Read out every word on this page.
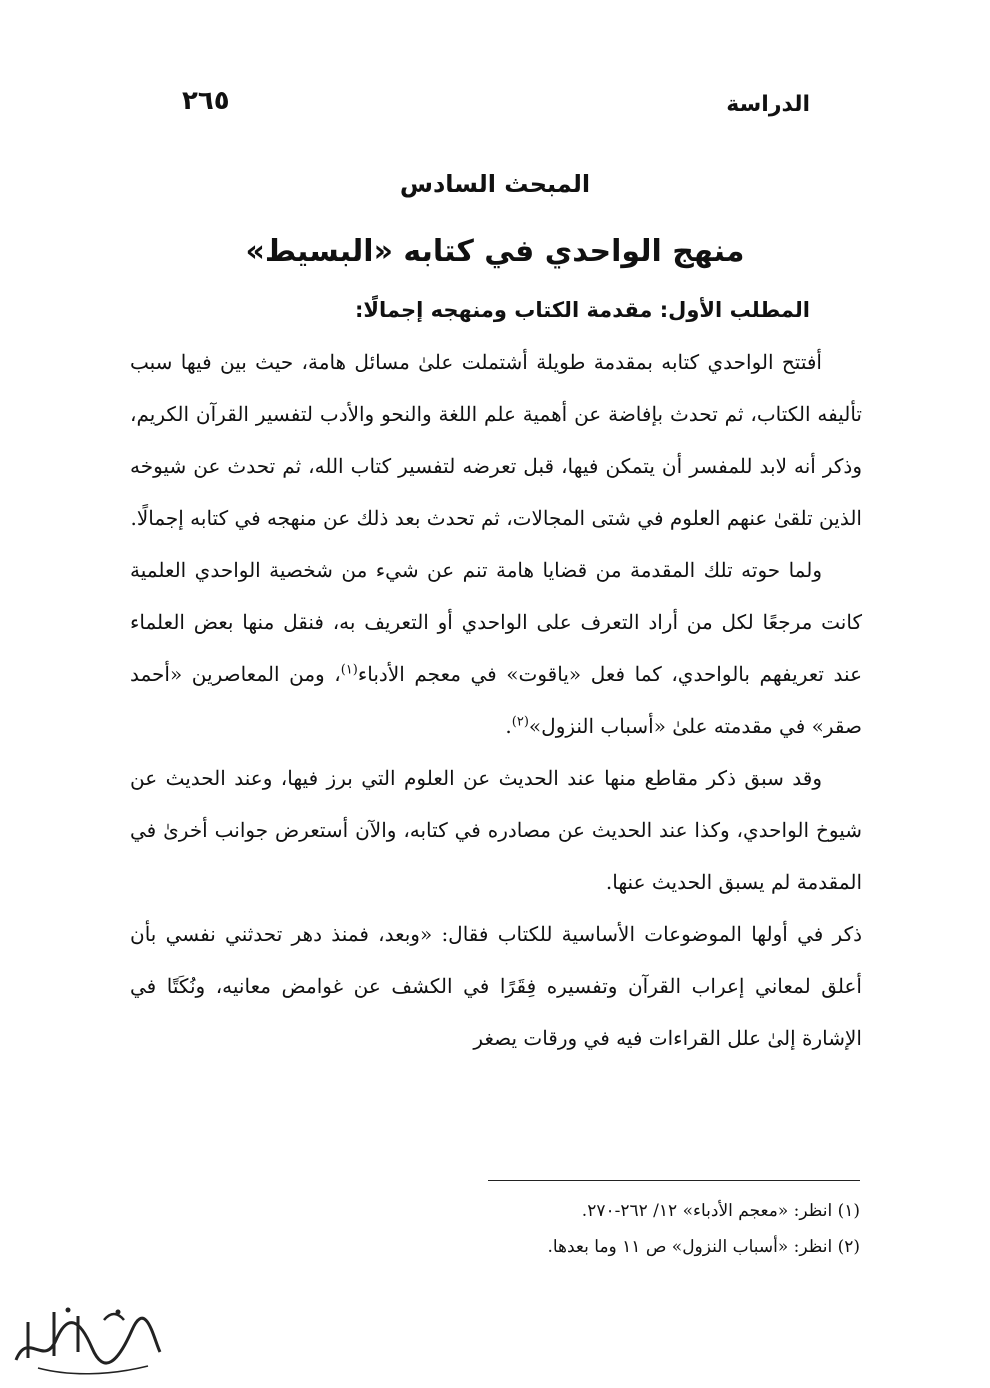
٢٦٥	الدراسة
المبحث السادس
منهج الواحدي في كتابه «البسيط»
المطلب الأول: مقدمة الكتاب ومنهجه إجمالًا:

أفتتح الواحدي كتابه بمقدمة طويلة أشتملت علىٰ مسائل هامة، حيث بين فيها سبب تأليفه الكتاب، ثم تحدث بإفاضة عن أهمية علم اللغة والنحو والأدب لتفسير القرآن الكريم، وذكر أنه لابد للمفسر أن يتمكن فيها، قبل تعرضه لتفسير كتاب الله، ثم تحدث عن شيوخه الذين تلقىٰ عنهم العلوم في شتى المجالات، ثم تحدث بعد ذلك عن منهجه في كتابه إجمالًا.

ولما حوته تلك المقدمة من قضايا هامة تنم عن شيء من شخصية الواحدي العلمية كانت مرجعًا لكل من أراد التعرف على الواحدي أو التعريف به، فنقل منها بعض العلماء عند تعريفهم بالواحدي، كما فعل «ياقوت» في معجم الأدباء$^{(١)}$، ومن المعاصرين «أحمد صقر» في مقدمته علىٰ «أسباب النزول»$^{(٢)}$.

وقد سبق ذكر مقاطع منها عند الحديث عن العلوم التي برز فيها، وعند الحديث عن شيوخ الواحدي، وكذا عند الحديث عن مصادره في كتابه، والآن أستعرض جوانب أخرىٰ في المقدمة لم يسبق الحديث عنها.

ذكر في أولها الموضوعات الأساسية للكتاب فقال: «وبعد، فمنذ دهر تحدثني نفسي بأن أعلق لمعاني إعراب القرآن وتفسيره فِقَرًا في الكشف عن غوامض معانيه، ونُكَتًا في الإشارة إلىٰ علل القراءات فيه في ورقات يصغر

(١) انظر: «معجم الأدباء» ١٢/ ٢٦٢-٢٧٠.
(٢) انظر: «أسباب النزول» ص ١١ وما بعدها.
